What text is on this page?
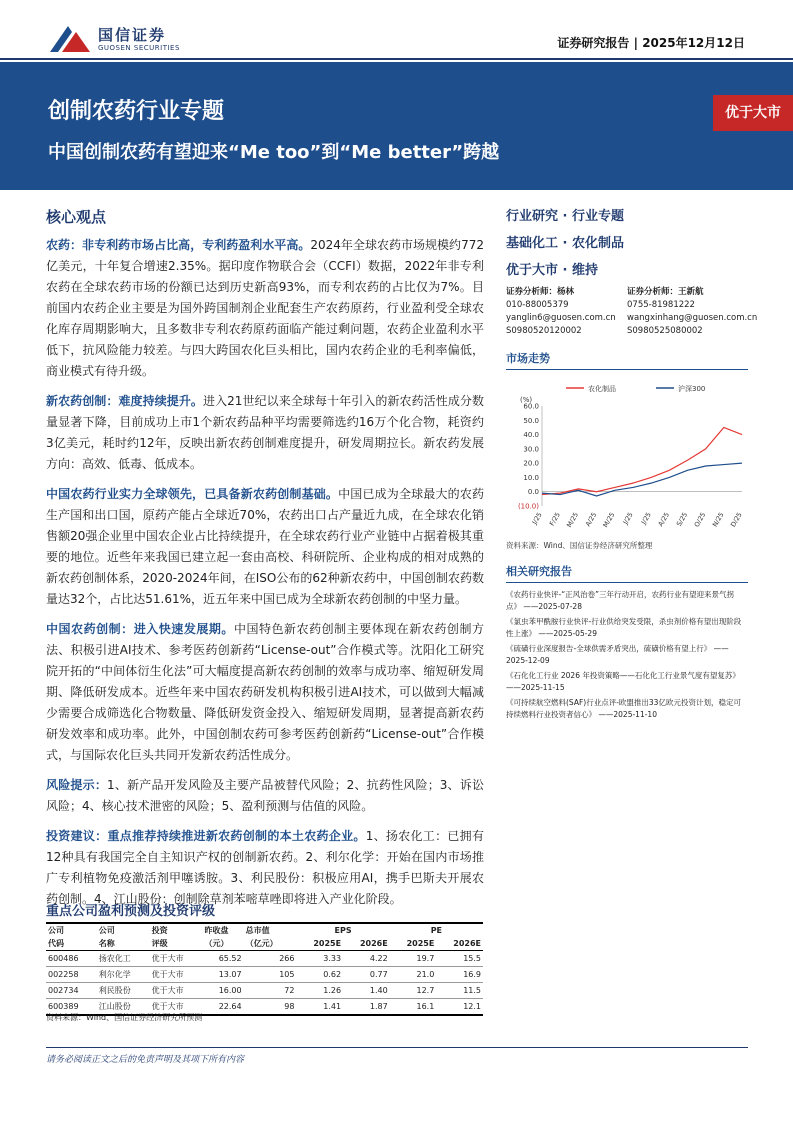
国信证券
GUOSEN SECURITIES	证券研究报告 | 2025年12月12日
创制农药行业专题
中国创制农药有望迎来“Me too”到“Me better”跨越
优于大市
核心观点

农药：非专利药市场占比高，专利药盈利水平高。2024年全球农药市场规模约772亿美元，十年复合增速2.35%。据印度作物联合会（CCFI）数据，2022年非专利农药在全球农药市场的份额已达到历史新高93%，而专利农药的占比仅为7%。目前国内农药企业主要是为国外跨国制剂企业配套生产农药原药，行业盈利受全球农化库存周期影响大，且多数非专利农药原药面临产能过剩问题，农药企业盈利水平低下，抗风险能力较差。与四大跨国农化巨头相比，国内农药企业的毛利率偏低，商业模式有待升级。

新农药创制：难度持续提升。进入21世纪以来全球每十年引入的新农药活性成分数量显著下降，目前成功上市1个新农药品种平均需要筛选约16万个化合物，耗资约3亿美元，耗时约12年，反映出新农药创制难度提升，研发周期拉长。新农药发展方向：高效、低毒、低成本。

中国农药行业实力全球领先，已具备新农药创制基础。中国已成为全球最大的农药生产国和出口国，原药产能占全球近70%，农药出口占产量近九成，在全球农化销售额20强企业里中国农企业占比持续提升，在全球农药行业产业链中占据着极其重要的地位。近些年来我国已建立起一套由高校、科研院所、企业构成的相对成熟的新农药创制体系，2020-2024年间，在ISO公布的62种新农药中，中国创制农药数量达32个，占比达51.61%，近五年来中国已成为全球新农药创制的中坚力量。

中国农药创制：进入快速发展期。中国特色新农药创制主要体现在新农药创制方法、积极引进AI技术、参考医药创新药“License-out”合作模式等。沈阳化工研究院开拓的“中间体衍生化法”可大幅度提高新农药创制的效率与成功率、缩短研发周期、降低研发成本。近些年来中国农药研发机构积极引进AI技术，可以做到大幅减少需要合成筛选化合物数量、降低研发资金投入、缩短研发周期，显著提高新农药研发效率和成功率。此外，中国创制农药可参考医药创新药“License-out”合作模式，与国际农化巨头共同开发新农药活性成分。

风险提示：1、新产品开发风险及主要产品被替代风险；2、抗药性风险；3、诉讼风险；4、核心技术泄密的风险；5、盈利预测与估值的风险。

投资建议：重点推荐持续推进新农药创制的本土农药企业。1、扬农化工：已拥有12种具有我国完全自主知识产权的创制新农药。2、利尔化学：开始在国内市场推广专利植物免疫激活剂甲噻诱胺。3、利民股份：积极应用AI，携手巴斯夫开展农药创制。4、江山股份：创制除草剂苯嘧草唑即将进入产业化阶段。

行业研究 · 行业专题
基础化工 · 农化制品
优于大市 · 维持
证券分析师：杨林
010-88005379
yanglin6@guosen.com.cn
S0980520120002
证券分析师：王新航
0755-81981222
wangxinhang@guosen.com.cn
S0980525080002
市场走势
农化制品	沪深300
(%)
60.0
50.0
40.0
30.0
20.0
10.0
0.0
(10.0)
J/25 F/25 M/25 A/25 M/25 J/25 J/25 A/25 S/25 O/25 N/25 D/25
资料来源：Wind、国信证券经济研究所整理
相关研究报告
《农药行业快评-“正风治卷”三年行动开启，农药行业有望迎来景气拐点》 ——2025-07-28
《氯虫苯甲酰胺行业快评-行业供给突发受限，杀虫剂价格有望出现阶段性上涨》 ——2025-05-29
《硫磺行业深度报告-全球供需矛盾突出，硫磺价格有望上行》 ——2025-12-09
《石化化工行业 2026 年投资策略——石化化工行业景气度有望复苏》 ——2025-11-15
《可持续航空燃料(SAF)行业点评-欧盟推出33亿欧元投资计划，稳定可持续燃料行业投资者信心》 ——2025-11-10
重点公司盈利预测及投资评级
公司	公司	投资	昨收盘	总市值	EPS		PE	
代码	名称	评级	（元）	（亿元）	2025E	2026E	2025E	2026E
600486	扬农化工	优于大市	65.52	266	3.33	4.22	19.7	15.5
002258	利尔化学	优于大市	13.07	105	0.62	0.77	21.0	16.9
002734	利民股份	优于大市	16.00	72	1.26	1.40	12.7	11.5
600389	江山股份	优于大市	22.64	98	1.41	1.87	16.1	12.1
资料来源：Wind、国信证券经济研究所预测
请务必阅读正文之后的免责声明及其项下所有内容
